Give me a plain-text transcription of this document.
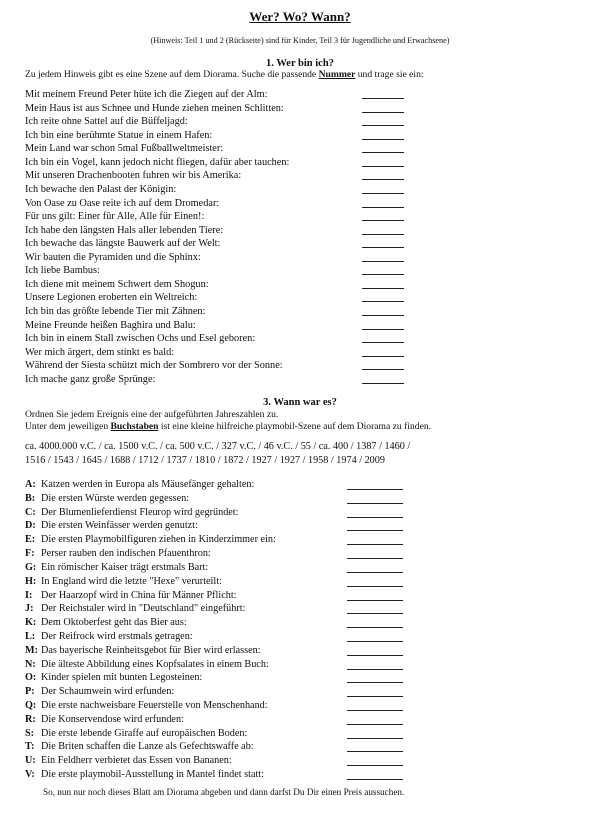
Wer? Wo? Wann?
(Hinweis: Teil 1 und 2 (Rückseite) sind für Kinder, Teil 3 für Jugendliche und Erwachsene)
1. Wer bin ich?
Zu jedem Hinweis gibt es eine Szene auf dem Diorama. Suche die passende Nummer und trage sie ein:
Mit meinem Freund Peter hüte ich die Ziegen auf der Alm:
Mein Haus ist aus Schnee und Hunde ziehen meinen Schlitten:
Ich reite ohne Sattel auf die Büffeljagd:
Ich bin eine berühmte Statue in einem Hafen:
Mein Land war schon 5mal Fußballweltmeister:
Ich bin ein Vogel, kann jedoch nicht fliegen, dafür aber tauchen:
Mit unseren Drachenbooten fuhren wir bis Amerika:
Ich bewache den Palast der Königin:
Von Oase zu Oase reite ich auf dem Dromedar:
Für uns gilt: Einer für Alle, Alle für Einen!:
Ich habe den längsten Hals aller lebenden Tiere:
Ich bewache das längste Bauwerk auf der Welt:
Wir bauten die Pyramiden und die Sphinx:
Ich liebe Bambus:
Ich diene mit meinem Schwert dem Shogun:
Unsere Legionen eroberten ein Weltreich:
Ich bin das größte lebende Tier mit Zähnen:
Meine Freunde heißen Baghira und Balu:
Ich bin in einem Stall zwischen Ochs und Esel geboren:
Wer mich ärgert, dem stinkt es bald:
Während der Siesta schützt mich der Sombrero vor der Sonne:
Ich mache ganz große Sprünge:
3. Wann war es?
Ordnen Sie jedem Ereignis eine der aufgeführten Jahreszahlen zu.
Unter dem jeweiligen Buchstaben ist eine kleine hilfreiche playmobil-Szene auf dem Diorama zu finden.
ca. 4000.000 v.C. / ca. 1500 v.C. / ca. 500 v.C. / 327 v.C. / 46 v.C. / 55 / ca. 400 / 1387 / 1460 /
1516 / 1543 / 1645 / 1688 / 1712 / 1737 / 1810 / 1872 / 1927 / 1927 / 1958 / 1974 / 2009
A: Katzen werden in Europa als Mäusefänger gehalten:
B: Die ersten Würste werden gegessen:
C: Der Blumenlieferdienst Fleurop wird gegründet:
D: Die ersten Weinfässer werden genutzt:
E: Die ersten Playmobilfiguren ziehen in Kinderzimmer ein:
F: Perser rauben den indischen Pfauenthron:
G: Ein römischer Kaiser trägt erstmals Bart:
H: In England wird die letzte "Hexe" verurteilt:
I: Der Haarzopf wird in China für Männer Pflicht:
J: Der Reichstaler wird in "Deutschland" eingeführt:
K: Dem Oktoberfest geht das Bier aus:
L: Der Reifrock wird erstmals getragen:
M: Das bayerische Reinheitsgebot für Bier wird erlassen:
N: Die älteste Abbildung eines Kopfsalates in einem Buch:
O: Kinder spielen mit bunten Legosteinen:
P: Der Schaumwein wird erfunden:
Q: Die erste nachweisbare Feuerstelle von Menschenhand:
R: Die Konservendose wird erfunden:
S: Die erste lebende Giraffe auf europäischen Boden:
T: Die Briten schaffen die Lanze als Gefechtswaffe ab:
U: Ein Feldherr verbietet das Essen von Bananen:
V: Die erste playmobil-Ausstellung in Mantel findet statt:
So, nun nur noch dieses Blatt am Diorama abgeben und dann darfst Du Dir einen Preis aussuchen.
